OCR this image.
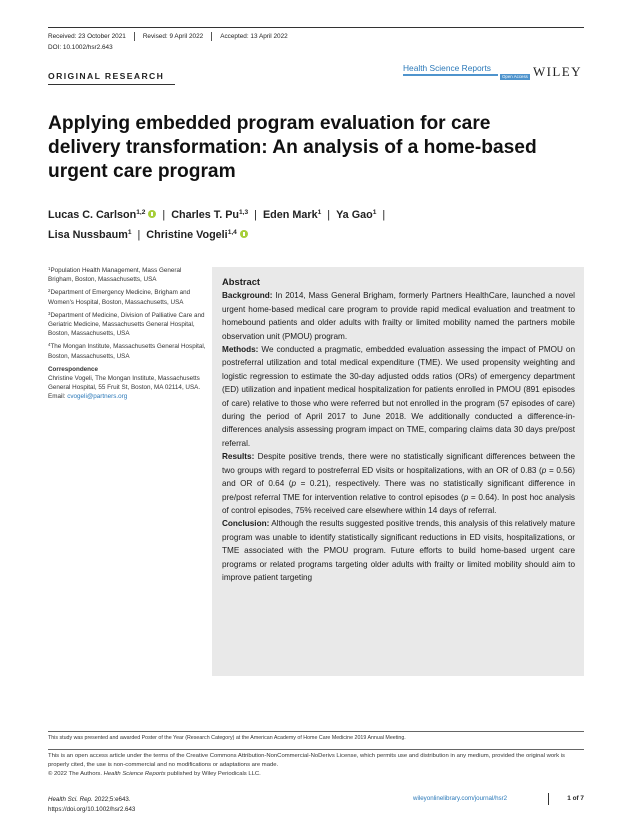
Received: 23 October 2021	Revised: 9 April 2022	Accepted: 13 April 2022
DOI: 10.1002/hsr2.643
ORIGINAL RESEARCH
Health Science Reports
Open Access WILEY
Applying embedded program evaluation for care delivery transformation: An analysis of a home-based urgent care program
Lucas C. Carlson$^{1,2}$ | Charles T. Pu$^{1,3}$ | Eden Mark$^1$ | Ya Gao$^1$ |
Lisa Nussbaum$^1$ | Christine Vogeli$^{1,4}$
$^1$Population Health Management, Mass General Brigham, Boston, Massachusetts, USA
$^2$Department of Emergency Medicine, Brigham and Women's Hospital, Boston, Massachusetts, USA
$^3$Department of Medicine, Division of Palliative Care and Geriatric Medicine, Massachusetts General Hospital, Boston, Massachusetts, USA
$^4$The Mongan Institute, Massachusetts General Hospital, Boston, Massachusetts, USA
Correspondence
Christine Vogeli, The Mongan Institute, Massachusetts General Hospital, 55 Fruit St, Boston, MA 02114, USA.
Email: cvogeli@partners.org
Abstract

Background: In 2014, Mass General Brigham, formerly Partners HealthCare, launched a novel urgent home-based medical care program to provide rapid medical evaluation and treatment to homebound patients and older adults with frailty or limited mobility named the partners mobile observation unit (PMOU) program.

Methods: We conducted a pragmatic, embedded evaluation assessing the impact of PMOU on postreferral utilization and total medical expenditure (TME). We used propensity weighting and logistic regression to estimate the 30-day adjusted odds ratios (ORs) of emergency department (ED) utilization and inpatient medical hospitalization for patients enrolled in PMOU (891 episodes of care) relative to those who were referred but not enrolled in the program (57 episodes of care) during the period of April 2017 to June 2018. We additionally conducted a difference-in-differences analysis assessing program impact on TME, comparing claims data 30 days pre/post referral.

Results: Despite positive trends, there were no statistically significant differences between the two groups with regard to postreferral ED visits or hospitalizations, with an OR of 0.83 (p = 0.56) and OR of 0.64 (p = 0.21), respectively. There was no statistically significant difference in pre/post referral TME for intervention relative to control episodes (p = 0.64). In post hoc analysis of control episodes, 75% received care elsewhere within 14 days of referral.

Conclusion: Although the results suggested positive trends, this analysis of this relatively mature program was unable to identify statistically significant reductions in ED visits, hospitalizations, or TME associated with the PMOU program. Future efforts to build home-based urgent care programs or related programs targeting older adults with frailty or limited mobility should aim to improve patient targeting

This study was presented and awarded Poster of the Year (Research Category) at the American Academy of Home Care Medicine 2019 Annual Meeting.
This is an open access article under the terms of the Creative Commons Attribution-NonCommercial-NoDerivs License, which permits use and distribution in any medium, provided the original work is properly cited, the use is non-commercial and no modifications or adaptations are made.
© 2022 The Authors. Health Science Reports published by Wiley Periodicals LLC.
Health Sci. Rep. 2022;5:e643.
https://doi.org/10.1002/hsr2.643
wileyonlinelibrary.com/journal/hsr2	1 of 7
